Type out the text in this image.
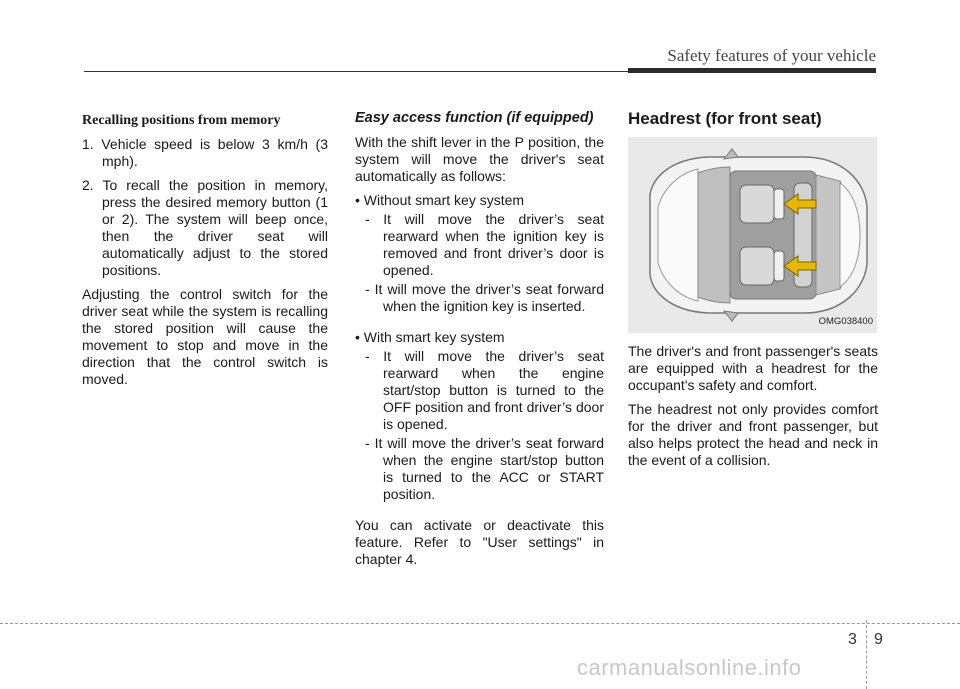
Safety features of your vehicle
Recalling positions from memory

1. Vehicle speed is below 3 km/h (3 mph).

2. To recall the position in memory, press the desired memory button (1 or 2). The system will beep once, then the driver seat will automatically adjust to the stored positions.

Adjusting the control switch for the driver seat while the system is recalling the stored position will cause the movement to stop and move in the direction that the control switch is moved.

Easy access function (if equipped)

With the shift lever in the P position, the system will move the driver's seat automatically as follows:

• Without smart key system

- It will move the driver’s seat rearward when the ignition key is removed and front driver’s door is opened.

- It will move the driver’s seat forward when the ignition key is inserted.

• With smart key system

- It will move the driver’s seat rearward when the engine start/stop button is turned to the OFF position and front driver’s door is opened.

- It will move the driver’s seat forward when the engine start/stop button is turned to the ACC or START position.

You can activate or deactivate this feature. Refer to "User settings" in chapter 4.

Headrest (for front seat)
OMG038400

The driver's and front passenger's seats are equipped with a headrest for the occupant's safety and comfort.

The headrest not only provides comfort for the driver and front passenger, but also helps protect the head and neck in the event of a collision.

3 9
carmanualsonline.info
